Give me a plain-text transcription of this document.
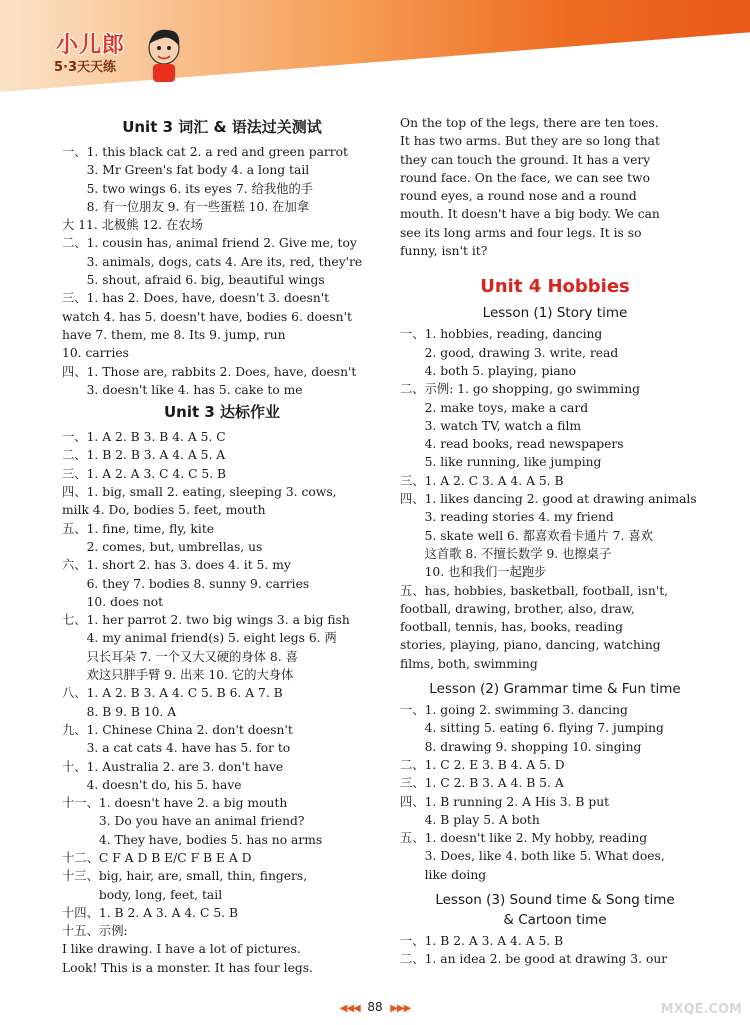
小儿郎
5·3天天练
Unit 3 词汇 & 语法过关测试
一、 1. this black cat 2. a red and green parrot
3. Mr Green's fat body 4. a long tail
5. two wings 6. its eyes 7. 给我他的手
8. 有一位朋友 9. 有一些蛋糕 10. 在加拿
大 11. 北极熊 12. 在农场
二、 1. cousin has, animal friend 2. Give me, toy
3. animals, dogs, cats 4. Are its, red, they're
5. shout, afraid 6. big, beautiful wings
三、 1. has 2. Does, have, doesn't 3. doesn't
watch 4. has 5. doesn't have, bodies 6. doesn't
have 7. them, me 8. Its 9. jump, run
10. carries
四、 1. Those are, rabbits 2. Does, have, doesn't
3. doesn't like 4. has 5. cake to me
Unit 3 达标作业
一、 1. A 2. B 3. B 4. A 5. C
二、 1. B 2. B 3. A 4. A 5. A
三、 1. A 2. A 3. C 4. C 5. B
四、 1. big, small 2. eating, sleeping 3. cows,
milk 4. Do, bodies 5. feet, mouth
五、 1. fine, time, fly, kite
2. comes, but, umbrellas, us
六、 1. short 2. has 3. does 4. it 5. my
6. they 7. bodies 8. sunny 9. carries
10. does not
七、 1. her parrot 2. two big wings 3. a big fish
4. my animal friend(s) 5. eight legs 6. 两
只长耳朵 7. 一个又大又硬的身体 8. 喜
欢这只胖手臂 9. 出来 10. 它的大身体
八、 1. A 2. B 3. A 4. C 5. B 6. A 7. B
8. B 9. B 10. A
九、 1. Chinese China 2. don't doesn't
3. a cat cats 4. have has 5. for to
十、 1. Australia 2. are 3. don't have
4. doesn't do, his 5. have
十一、 1. doesn't have 2. a big mouth
3. Do you have an animal friend?
4. They have, bodies 5. has no arms
十二、 C F A D B E/C F B E A D
十三、 big, hair, are, small, thin, fingers,
body, long, feet, tail
十四、 1. B 2. A 3. A 4. C 5. B
十五、 示例:
I like drawing. I have a lot of pictures.
Look! This is a monster. It has four legs.
On the top of the legs, there are ten toes.
It has two arms. But they are so long that
they can touch the ground. It has a very
round face. On the face, we can see two
round eyes, a round nose and a round
mouth. It doesn't have a big body. We can
see its long arms and four legs. It is so
funny, isn't it?
Unit 4 Hobbies
Lesson (1) Story time
一、 1. hobbies, reading, dancing
2. good, drawing 3. write, read
4. both 5. playing, piano
二、 示例: 1. go shopping, go swimming
2. make toys, make a card
3. watch TV, watch a film
4. read books, read newspapers
5. like running, like jumping
三、 1. A 2. C 3. A 4. A 5. B
四、 1. likes dancing 2. good at drawing animals
3. reading stories 4. my friend
5. skate well 6. 都喜欢看卡通片 7. 喜欢
这首歌 8. 不擅长数学 9. 也擦桌子
10. 也和我们一起跑步
五、 has, hobbies, basketball, football, isn't,
football, drawing, brother, also, draw,
football, tennis, has, books, reading
stories, playing, piano, dancing, watching
films, both, swimming
Lesson (2) Grammar time & Fun time
一、 1. going 2. swimming 3. dancing
4. sitting 5. eating 6. flying 7. jumping
8. drawing 9. shopping 10. singing
二、 1. C 2. E 3. B 4. A 5. D
三、 1. C 2. B 3. A 4. B 5. A
四、 1. B running 2. A His 3. B put
4. B play 5. A both
五、 1. doesn't like 2. My hobby, reading
3. Does, like 4. both like 5. What does,
like doing
Lesson (3) Sound time & Song time
& Cartoon time
一、 1. B 2. A 3. A 4. A 5. B
二、 1. an idea 2. be good at drawing 3. our
◀◀◀ 88 ▶▶▶	MXQE.COM
